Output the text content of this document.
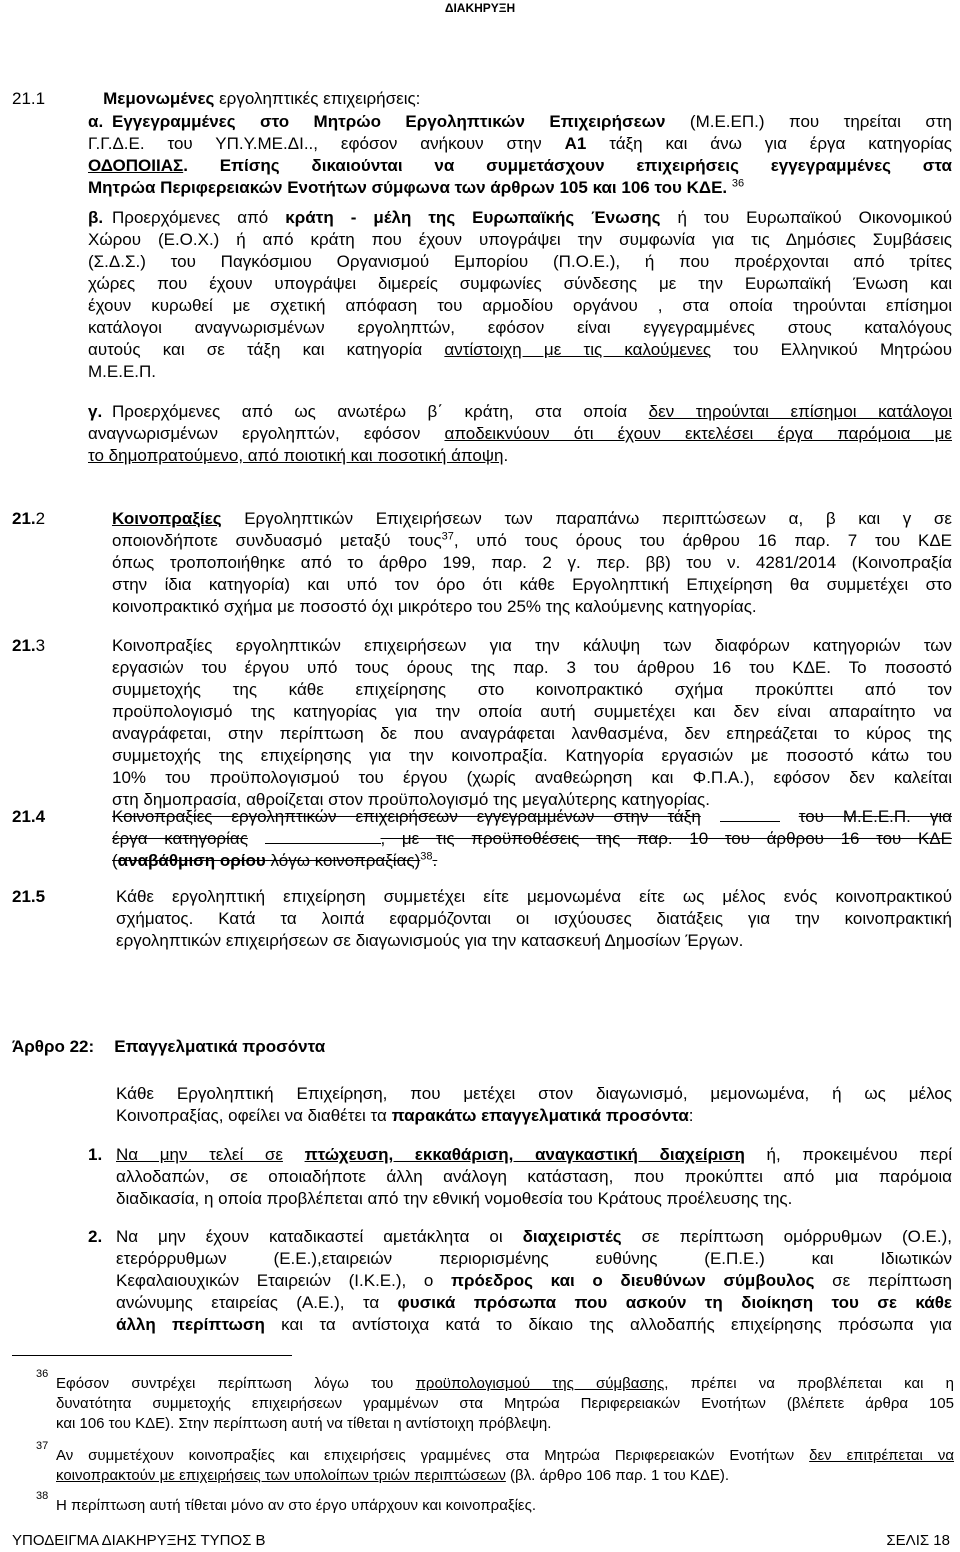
ΔΙΑΚΗΡΥΞΗ
21.1	Μεμονωμένες εργοληπτικές επιχειρήσεις:
α. Εγγεγραμμένες στο Μητρώο Εργοληπτικών Επιχειρήσεων (Μ.Ε.ΕΠ.) που τηρείται στη
Γ.Γ.Δ.Ε. του ΥΠ.Υ.ΜΕ.ΔΙ.., εφόσον ανήκουν στην Α1 τάξη και άνω για έργα κατηγορίας
ΟΔΟΠΟΙΙΑΣ. Επίσης δικαιούνται να συμμετάσχουν επιχειρήσεις εγγεγραμμένες στα
Μητρώα Περιφερειακών Ενοτήτων σύμφωνα των άρθρων 105 και 106 του ΚΔΕ. $^{36}$
β. Προερχόμενες από κράτη - μέλη της Ευρωπαϊκής Ένωσης ή του Ευρωπαϊκού Οικονομικού
Χώρου (Ε.Ο.Χ.) ή από κράτη που έχουν υπογράψει την συμφωνία για τις Δημόσιες Συμβάσεις
(Σ.Δ.Σ.) του Παγκόσμιου Οργανισμού Εμπορίου (Π.Ο.Ε.), ή που προέρχονται από τρίτες
χώρες που έχουν υπογράψει διμερείς συμφωνίες σύνδεσης με την Ευρωπαϊκή Ένωση και
έχουν κυρωθεί με σχετική απόφαση του αρμοδίου οργάνου , στα οποία τηρούνται επίσημοι
κατάλογοι αναγνωρισμένων εργοληπτών, εφόσον είναι εγγεγραμμένες στους καταλόγους
αυτούς και σε τάξη και κατηγορία αντίστοιχη με τις καλούμενες του Ελληνικού Μητρώου
Μ.Ε.Ε.Π.
γ. Προερχόμενες από ως ανωτέρω β΄ κράτη, στα οποία δεν τηρούνται επίσημοι κατάλογοι
αναγνωρισμένων εργοληπτών, εφόσον αποδεικνύουν ότι έχουν εκτελέσει έργα παρόμοια με
το δημοπρατούμενο, από ποιοτική και ποσοτική άποψη.
21.2	Κοινοπραξίες Εργοληπτικών Επιχειρήσεων των παραπάνω περιπτώσεων α, β και γ σε
οποιονδήποτε συνδυασμό μεταξύ τους$^{37}$, υπό τους όρους του άρθρου 16 παρ. 7 του ΚΔΕ
όπως τροποποιήθηκε από το άρθρο 199, παρ. 2 γ. περ. ββ) του ν. 4281/2014 (Κοινοπραξία
στην ίδια κατηγορία) και υπό τον όρο ότι κάθε Εργοληπτική Επιχείρηση θα συμμετέχει στο
κοινοπρακτικό σχήμα με ποσοστό όχι μικρότερο του 25% της καλούμενης κατηγορίας.
21.3	Κοινοπραξίες εργοληπτικών επιχειρήσεων για την κάλυψη των διαφόρων κατηγοριών των
εργασιών του έργου υπό τους όρους της παρ. 3 του άρθρου 16 του ΚΔΕ. Το ποσοστό
συμμετοχής της κάθε επιχείρησης στο κοινοπρακτικό σχήμα προκύπτει από τον
προϋπολογισμό της κατηγορίας για την οποία αυτή συμμετέχει και δεν είναι απαραίτητο να
αναγράφεται, στην περίπτωση δε που αναγράφεται λανθασμένα, δεν επηρεάζεται το κύρος της
συμμετοχής της επιχείρησης για την κοινοπραξία. Κατηγορία εργασιών με ποσοστό κάτω του
10% του προϋπολογισμού του έργου (χωρίς αναθεώρηση και Φ.Π.Α.), εφόσον δεν καλείται
στη δημοπρασία, αθροίζεται στον προϋπολογισμό της μεγαλύτερης κατηγορίας.
21.4	Κοινοπραξίες εργοληπτικών επιχειρήσεων εγγεγραμμένων στην τάξη	του Μ.Ε.Ε.Π. για
έργα κατηγορίας	, με τις προϋποθέσεις της παρ. 10 του άρθρου 16 του ΚΔΕ
(αναβάθμιση ορίου λόγω κοινοπραξίας)$^{38}$.
21.5	Κάθε εργοληπτική επιχείρηση συμμετέχει είτε μεμονωμένα είτε ως μέλος ενός κοινοπρακτικού
σχήματος. Κατά τα λοιπά εφαρμόζονται οι ισχύουσες διατάξεις για την κοινοπρακτική
εργοληπτικών επιχειρήσεων σε διαγωνισμούς για την κατασκευή Δημοσίων Έργων.
Άρθρο 22: Επαγγελματικά προσόντα
Κάθε Εργοληπτική Επιχείρηση, που μετέχει στον διαγωνισμό, μεμονωμένα, ή ως μέλος
Κοινοπραξίας, οφείλει να διαθέτει τα παρακάτω επαγγελματικά προσόντα:
1. Να μην τελεί σε πτώχευση, εκκαθάριση, αναγκαστική διαχείριση ή, προκειμένου περί
αλλοδαπών, σε οποιαδήποτε άλλη ανάλογη κατάσταση, που προκύπτει από μια παρόμοια
διαδικασία, η οποία προβλέπεται από την εθνική νομοθεσία του Κράτους προέλευσης της.
2. Να μην έχουν καταδικαστεί αμετάκλητα οι διαχειριστές σε περίπτωση ομόρρυθμων (Ο.Ε.),
ετερόρρυθμων (Ε.Ε.),εταιρειών περιορισμένης ευθύνης (Ε.Π.Ε.) και Ιδιωτικών
Κεφαλαιουχικών Εταιρειών (Ι.Κ.Ε.), ο πρόεδρος και ο διευθύνων σύμβουλος σε περίπτωση
ανώνυμης εταιρείας (Α.Ε.), τα φυσικά πρόσωπα που ασκούν τη διοίκηση του σε κάθε
άλλη περίπτωση και τα αντίστοιχα κατά το δίκαιο της αλλοδαπής επιχείρησης πρόσωπα για
36
Εφόσον συντρέχει περίπτωση λόγω του προϋπολογισμού της σύμβασης, πρέπει να προβλέπεται και η
δυνατότητα συμμετοχής επιχειρήσεων γραμμένων στα Μητρώα Περιφερειακών Ενοτήτων (βλέπετε άρθρα 105
και 106 του ΚΔΕ). Στην περίπτωση αυτή να τίθεται η αντίστοιχη πρόβλεψη.
37
Αν συμμετέχουν κοινοπραξίες και επιχειρήσεις γραμμένες στα Μητρώα Περιφερειακών Ενοτήτων δεν επιτρέπεται να
κοινοπρακτούν με επιχειρήσεις των υπολοίπων τριών περιπτώσεων (βλ. άρθρο 106 παρ. 1 του ΚΔΕ).
38
Η περίπτωση αυτή τίθεται μόνο αν στο έργο υπάρχουν και κοινοπραξίες.
ΥΠΟΔΕΙΓΜΑ ΔΙΑΚΗΡΥΞΗΣ ΤΥΠΟΣ Β	ΣΕΛΙΣ 18
